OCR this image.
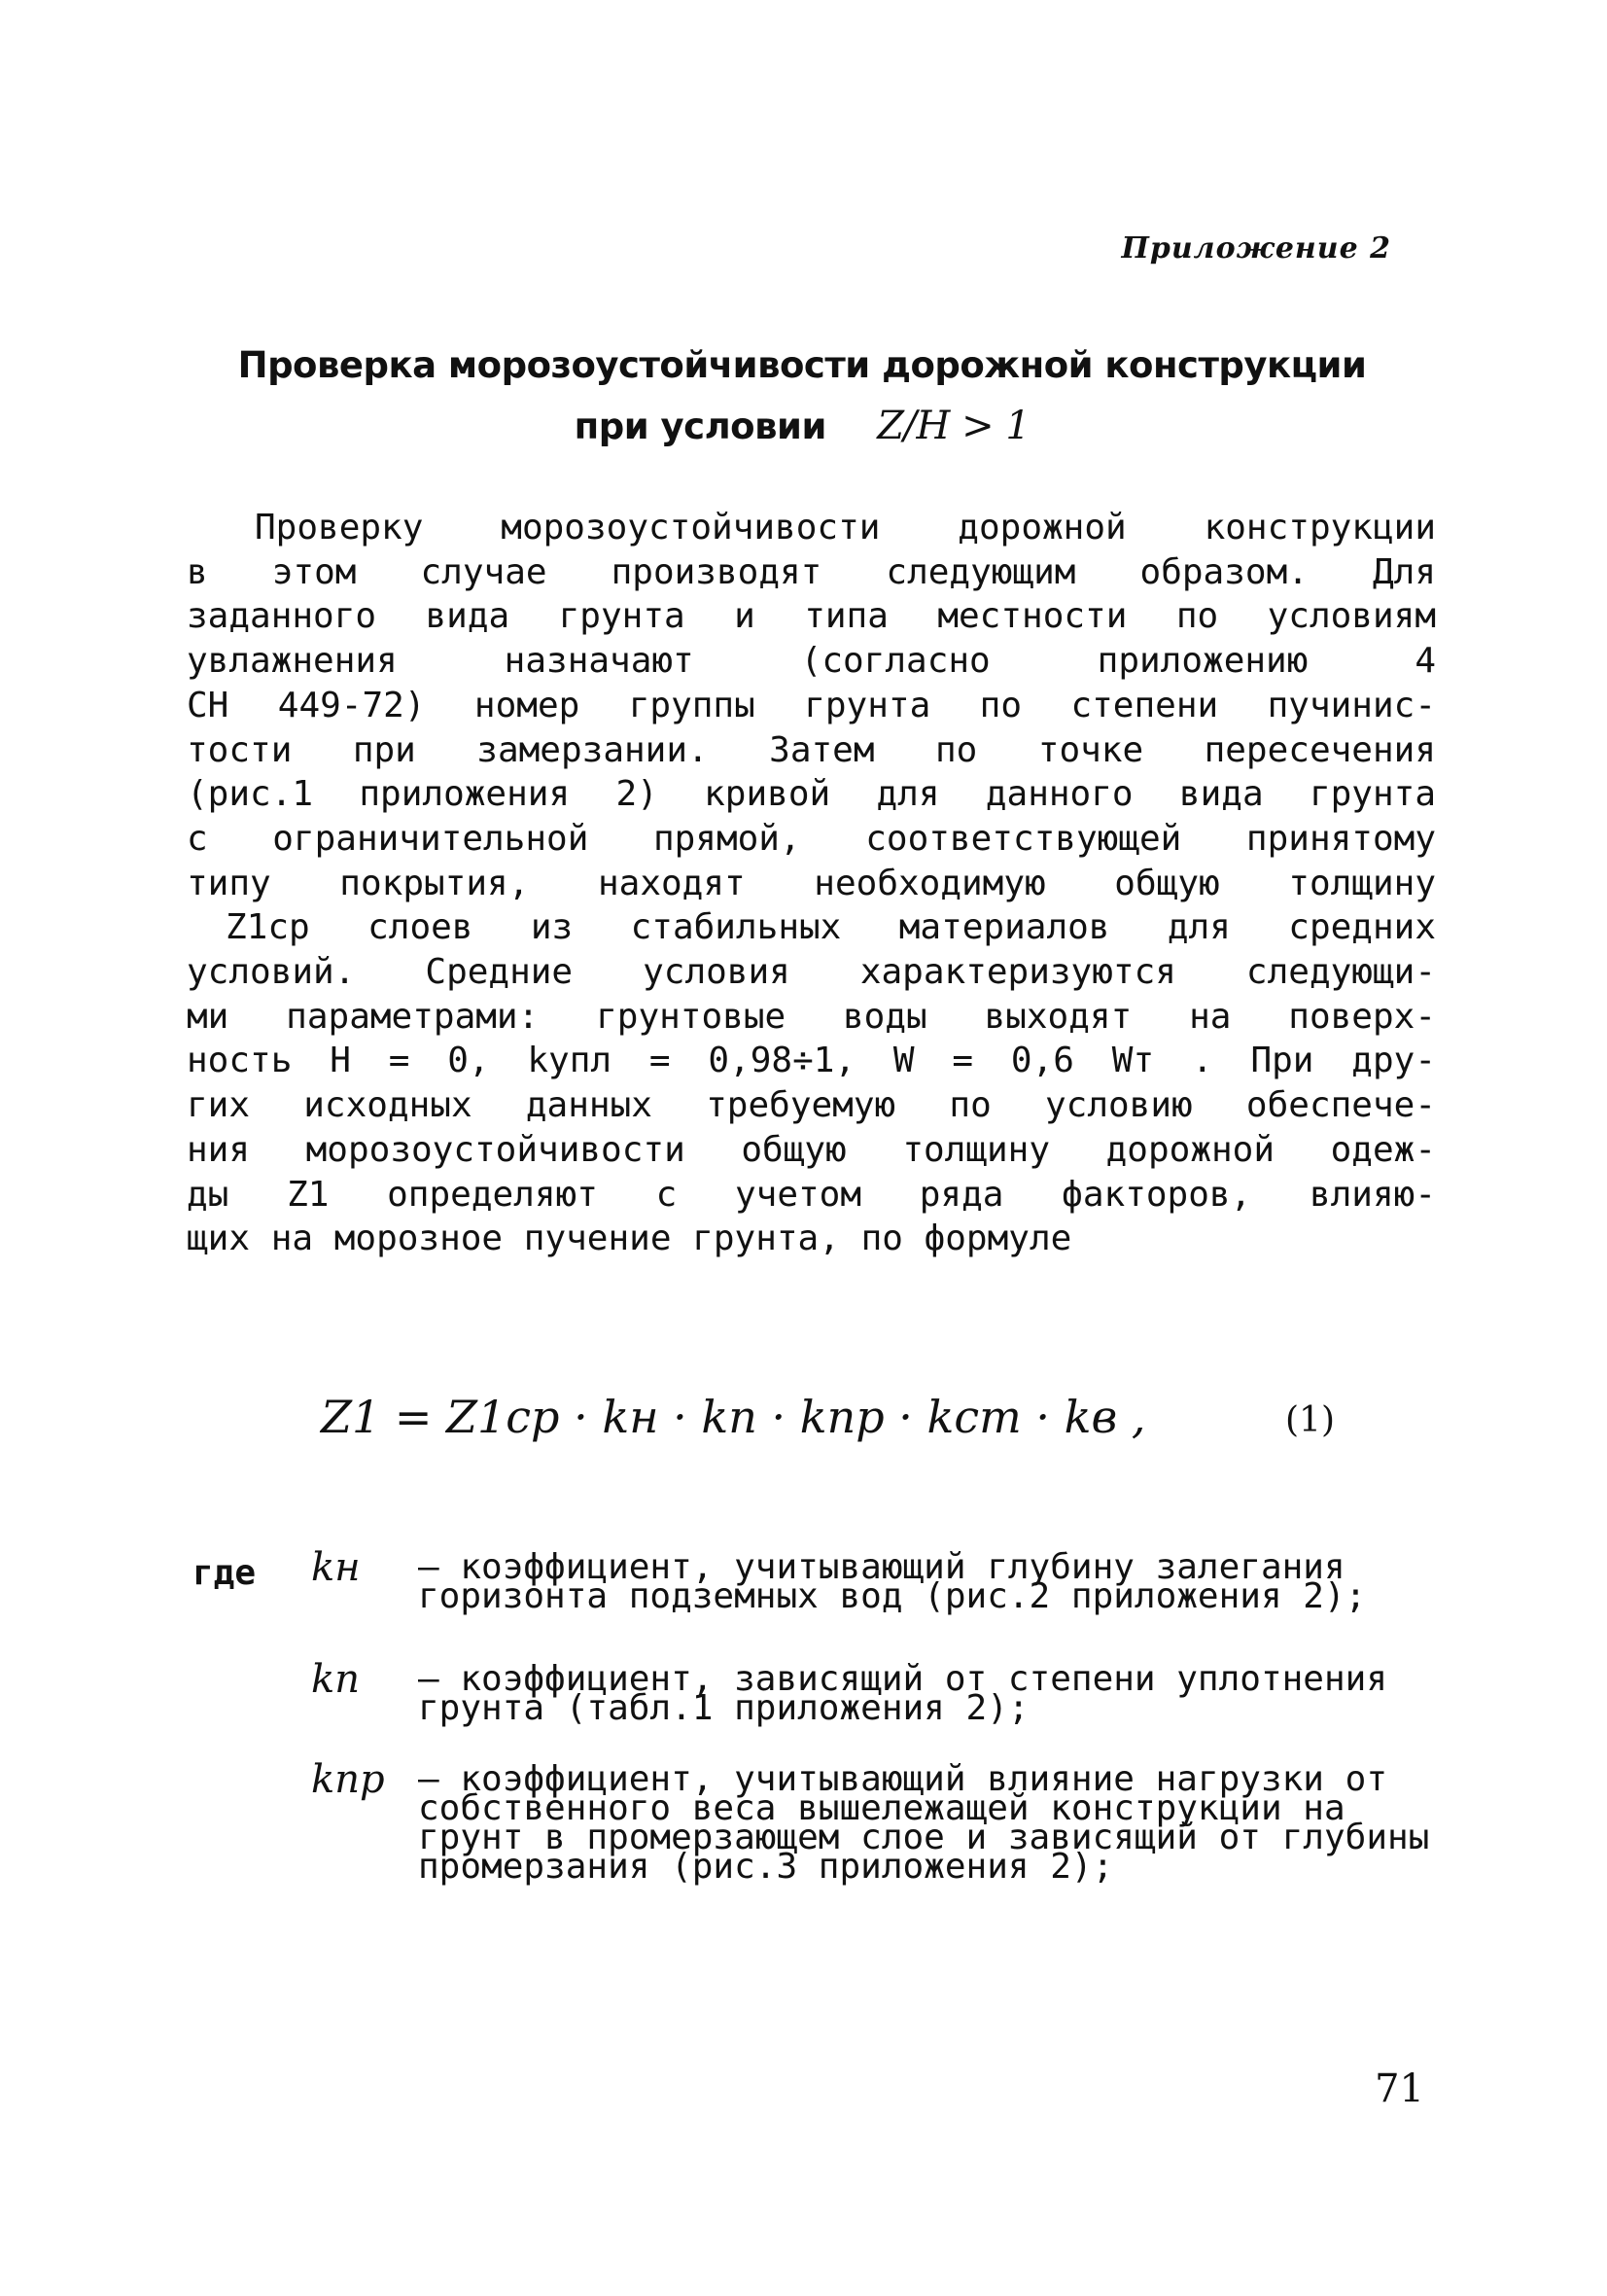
Приложение 2
Проверка морозоустойчивости дорожной конструкции
при условии Z/H > 1
Проверку морозоустойчивости дорожной конструкции
в этом случае производят следующим образом. Для
заданного вида грунта и типа местности по условиям
увлажнения назначают (согласно приложению 4
СН 449-72) номер группы грунта по степени пучинис-
тости при замерзании. Затем по точке пересечения
(рис.1 приложения 2) кривой для данного вида грунта
с ограничительной прямой, соответствующей принятому
типу покрытия, находят необходимую общую толщину
Z1ср слоев из стабильных материалов для средних
условий. Средние условия характеризуются следующи-
ми параметрами: грунтовые воды выходят на поверх-
ность H = 0, kупл = 0,98÷1, W = 0,6 Wт . При дру-
гих исходных данных требуемую по условию обеспече-
ния морозоустойчивости общую толщину дорожной одеж-
ды Z1 определяют с учетом ряда факторов, влияю-
щих на морозное пучение грунта, по формуле
Z1 = Z1ср · kн · kп · kпр · kст · kв ,	(1)
где kн – коэффициент, учитывающий глубину залегания горизонта подземных вод (рис.2 приложения 2);
kп – коэффициент, зависящий от степени уплотнения грунта (табл.1 приложения 2);
kпр – коэффициент, учитывающий влияние нагрузки от собственного веса вышележащей конструкции на грунт в промерзающем слое и зависящий от глубины промерзания (рис.3 приложения 2);
71
